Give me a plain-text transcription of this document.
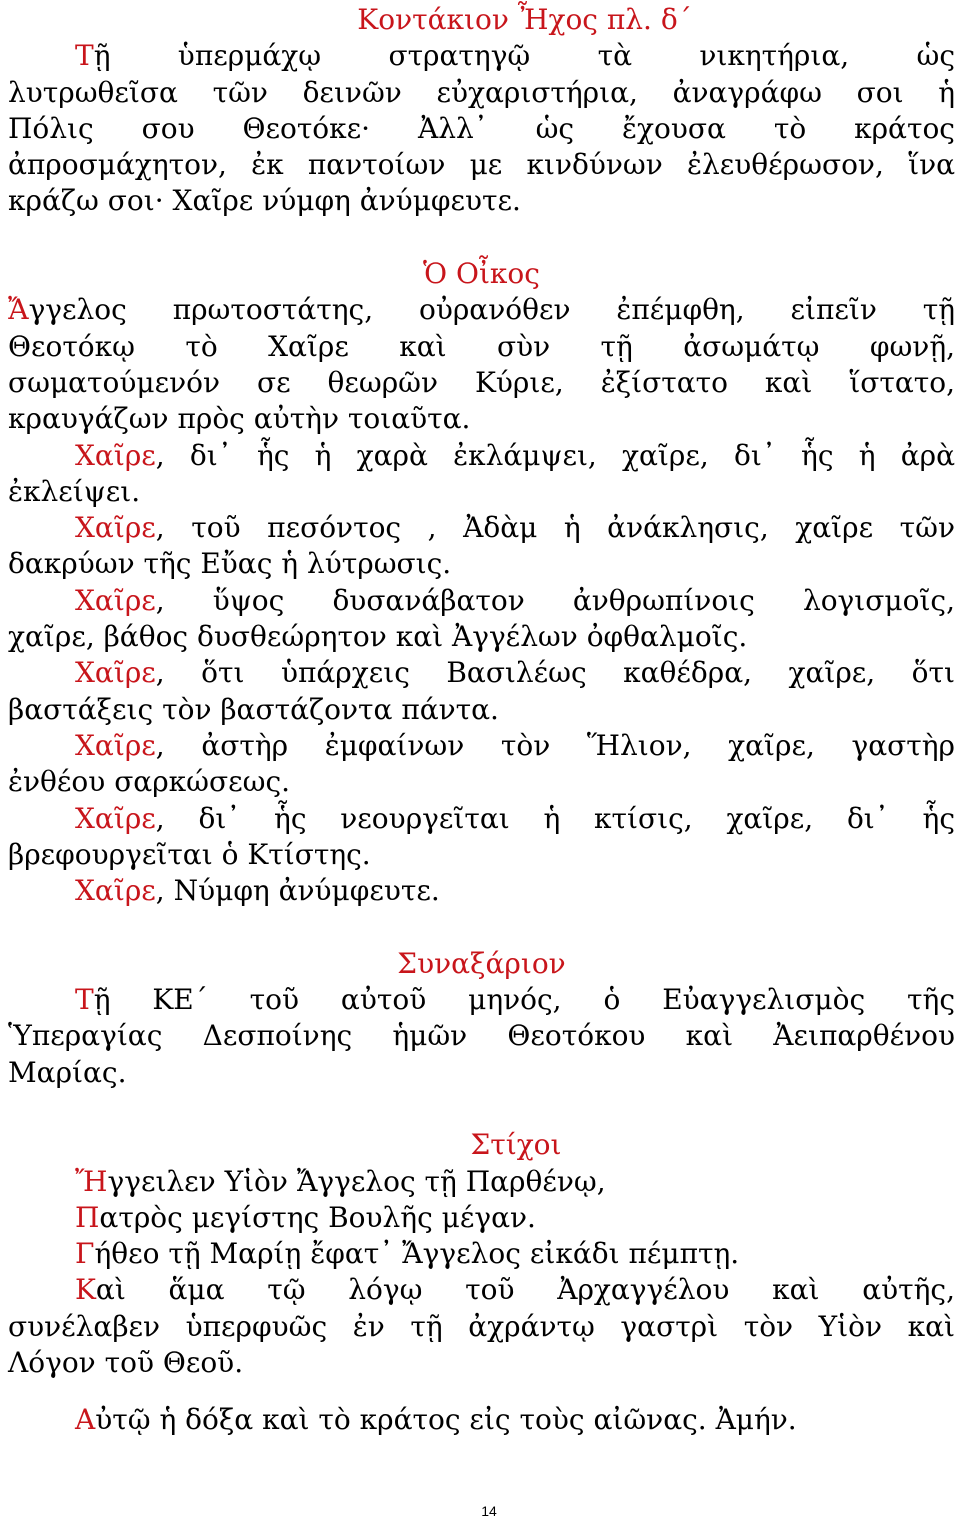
Κοντάκιον Ἦχος πλ. δ΄
Τῇ ὑπερμάχῳ στρατηγῷ τὰ νικητήρια, ὡς
λυτρωθεῖσα τῶν δεινῶν εὐχαριστήρια, ἀναγράφω σοι ἡ
Πόλις σου Θεοτόκε· Ἀλλ᾿ ὡς ἔχουσα τὸ κράτος
ἀπροσμάχητον, ἐκ παντοίων με κινδύνων ἐλευθέρωσον, ἵνα
κράζω σοι· Χαῖρε νύμφη ἀνύμφευτε.
Ὁ Οἶκος
Ἄγγελος πρωτοστάτης, οὐρανόθεν ἐπέμφθη, εἰπεῖν τῇ
Θεοτόκῳ τὸ Χαῖρε καὶ σὺν τῇ ἀσωμάτῳ φωνῇ,
σωματούμενόν σε θεωρῶν Κύριε, ἐξίστατο καὶ ἵστατο,
κραυγάζων πρὸς αὐτὴν τοιαῦτα.
Χαῖρε, δι᾿ ἧς ἡ χαρὰ ἐκλάμψει, χαῖρε, δι᾿ ἧς ἡ ἀρὰ
ἐκλείψει.
Χαῖρε, τοῦ πεσόντος , Ἀδὰμ ἡ ἀνάκλησις, χαῖρε τῶν
δακρύων τῆς Εὔας ἡ λύτρωσις.
Χαῖρε, ὕψος δυσανάβατον ἀνθρωπίνοις λογισμοῖς,
χαῖρε, βάθος δυσθεώρητον καὶ Ἀγγέλων ὀφθαλμοῖς.
Χαῖρε, ὅτι ὑπάρχεις Βασιλέως καθέδρα, χαῖρε, ὅτι
βαστάξεις τὸν βαστάζοντα πάντα.
Χαῖρε, ἀστὴρ ἐμφαίνων τὸν Ἥλιον, χαῖρε, γαστὴρ
ἐνθέου σαρκώσεως.
Χαῖρε, δι᾿ ἧς νεουργεῖται ἡ κτίσις, χαῖρε, δι᾿ ἧς
βρεφουργεῖται ὁ Κτίστης.
Χαῖρε, Νύμφη ἀνύμφευτε.
Συναξάριον
Τῇ ΚΕ΄ τοῦ αὐτοῦ μηνός, ὁ Εὐαγγελισμὸς τῆς
Ὑπεραγίας Δεσποίνης ἡμῶν Θεοτόκου καὶ Ἀειπαρθένου
Μαρίας.
Στίχοι
Ἤγγειλεν Υἱὸν Ἄγγελος τῇ Παρθένῳ,
Πατρὸς μεγίστης Βουλῆς μέγαν.
Γήθεο τῇ Μαρίῃ ἔφατ᾿ Ἄγγελος εἰκάδι πέμπτῃ.
Καὶ ἅμα τῷ λόγῳ τοῦ Ἀρχαγγέλου καὶ αὐτῆς,
συνέλαβεν ὑπερφυῶς ἐν τῇ ἀχράντῳ γαστρὶ τὸν Υἱὸν καὶ
Λόγον τοῦ Θεοῦ.
Αὐτῷ ἡ δόξα καὶ τὸ κράτος εἰς τοὺς αἰῶνας. Ἀμήν.
14
